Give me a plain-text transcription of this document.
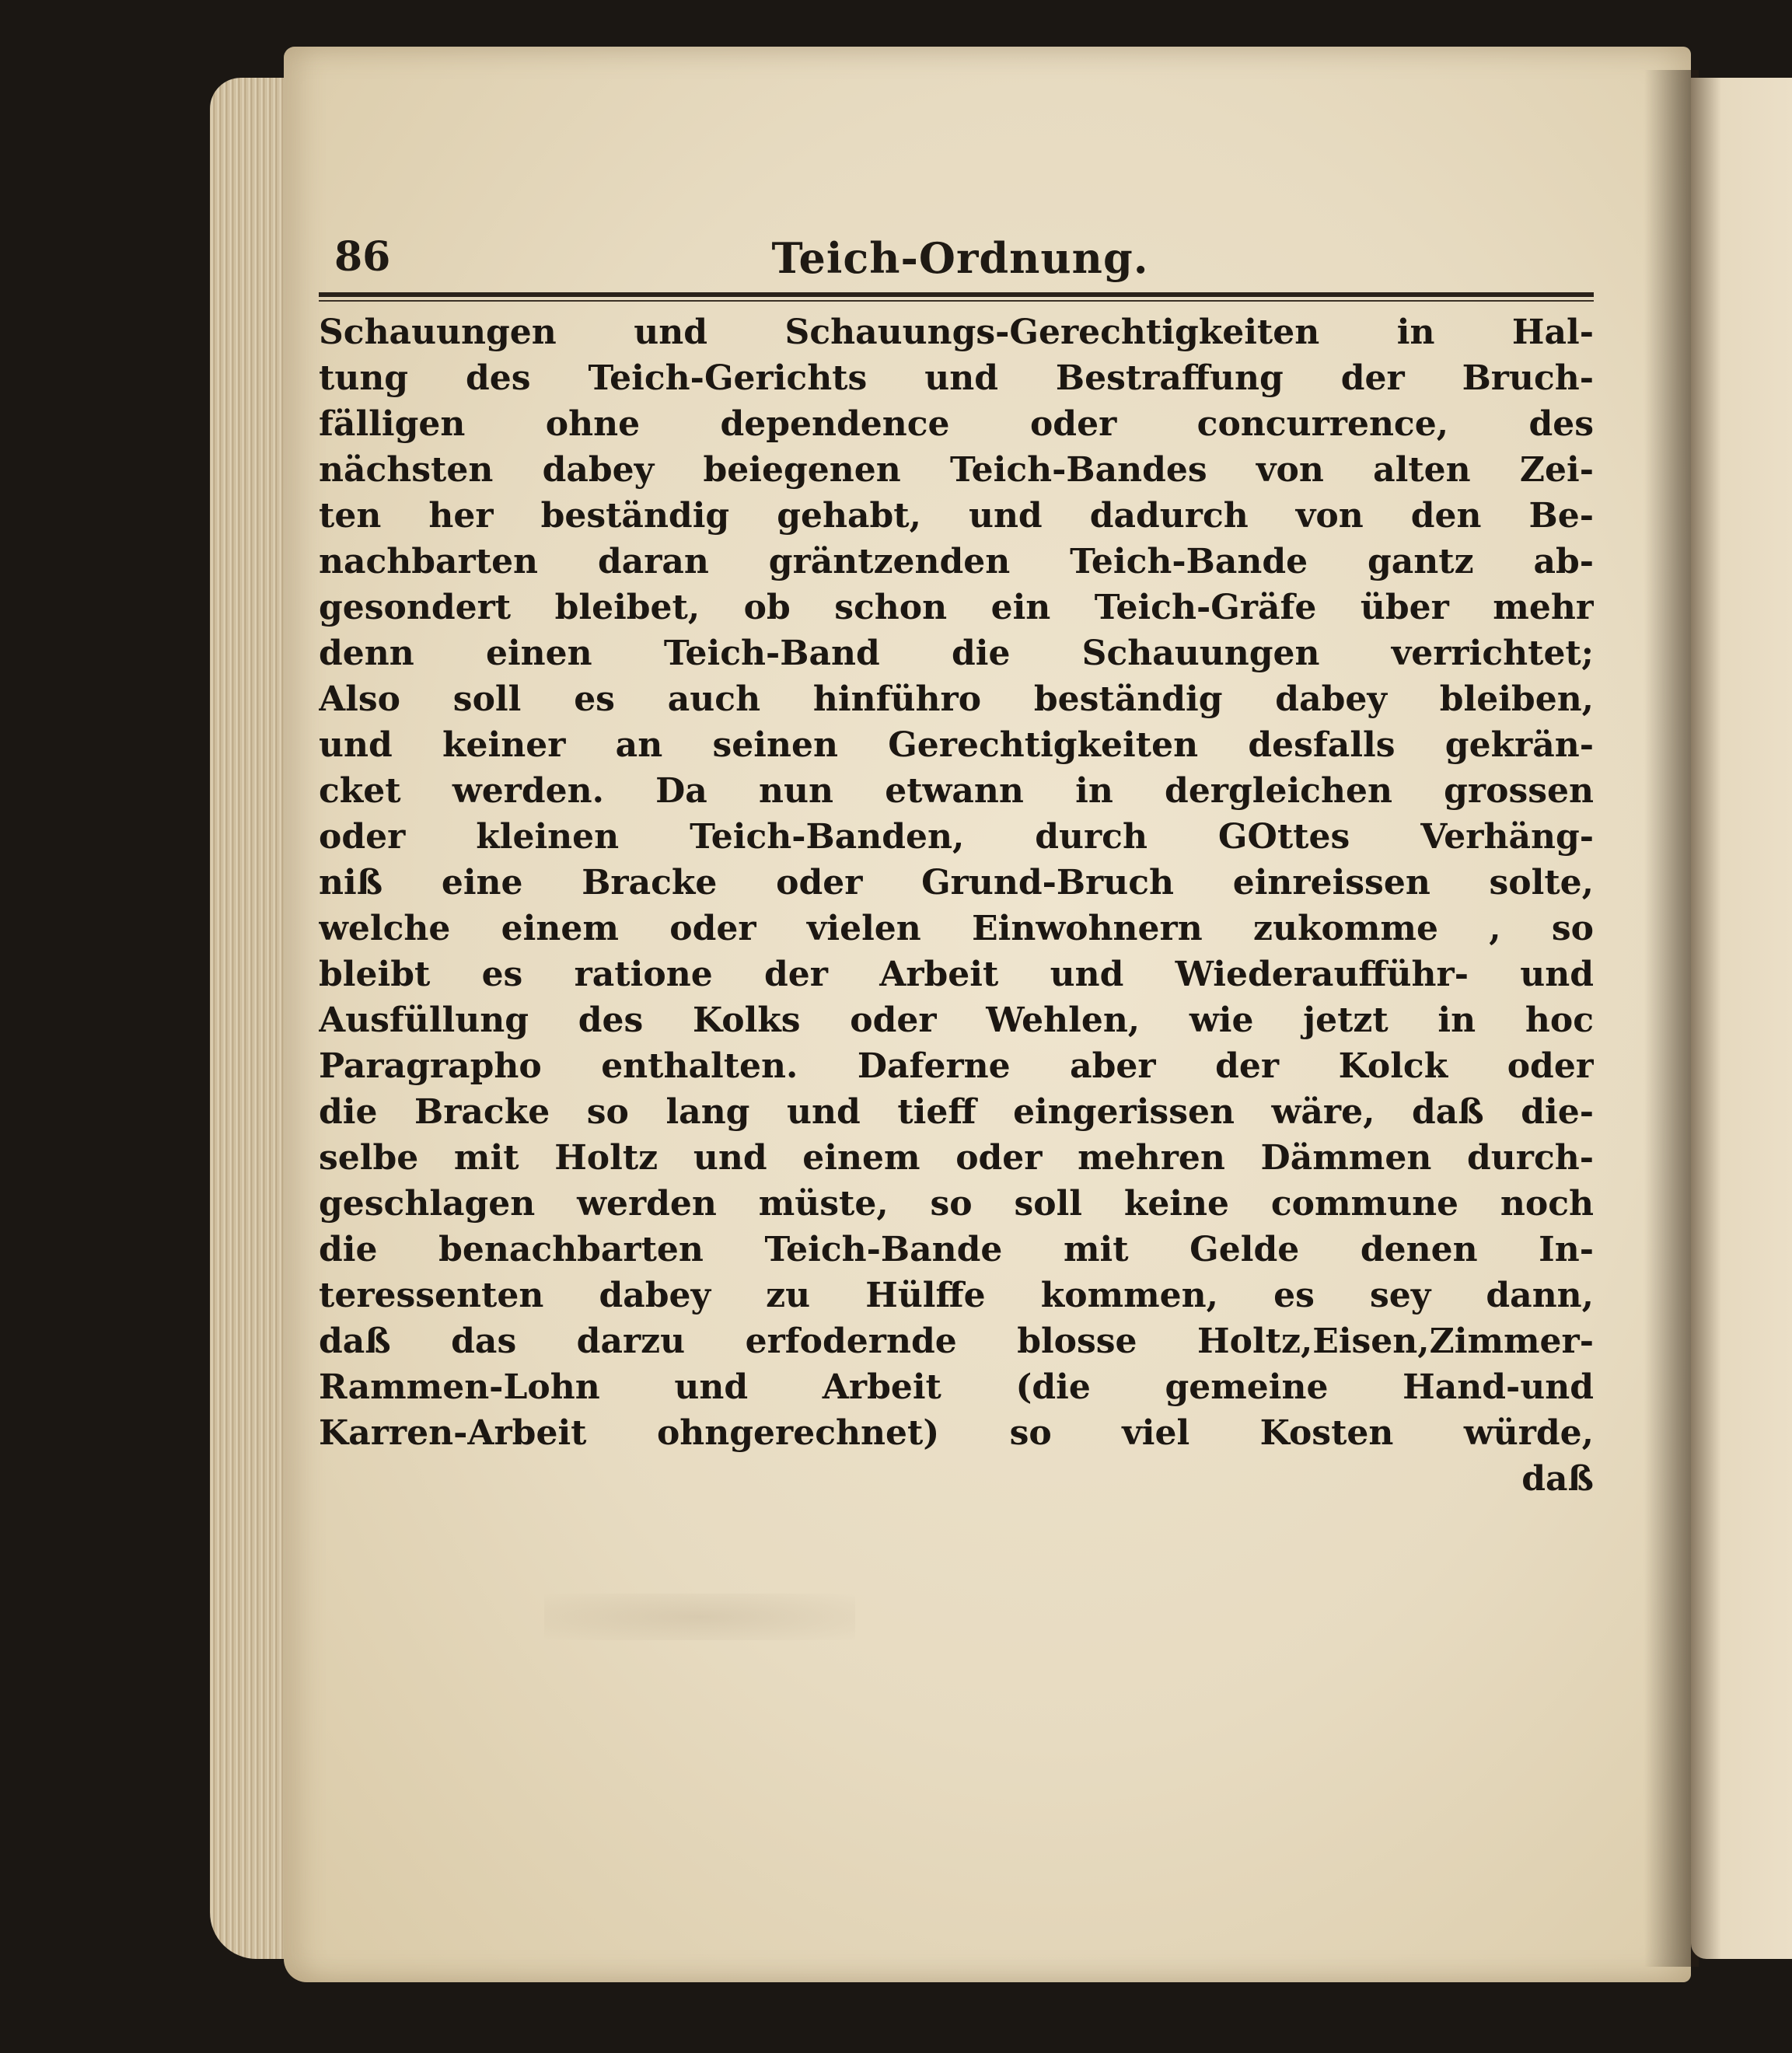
86	Teich-Ordnung.
Schauungen und Schauungs-Gerechtigkeiten in Hal-
tung des Teich-Gerichts und Bestraffung der Bruch-
fälligen ohne dependence oder concurrence, des
nächsten dabey beiegenen Teich-Bandes von alten Zei-
ten her beständig gehabt, und dadurch von den Be-
nachbarten daran gräntzenden Teich-Bande gantz ab-
gesondert bleibet, ob schon ein Teich-Gräfe über mehr
denn einen Teich-Band die Schauungen verrichtet;
Also soll es auch hinführo beständig dabey bleiben,
und keiner an seinen Gerechtigkeiten desfalls gekrän-
cket werden. Da nun etwann in dergleichen grossen
oder kleinen Teich-Banden, durch GOttes Verhäng-
niß eine Bracke oder Grund-Bruch einreissen solte,
welche einem oder vielen Einwohnern zukomme , so
bleibt es ratione der Arbeit und Wiederaufführ- und
Ausfüllung des Kolks oder Wehlen, wie jetzt in hoc
Paragrapho enthalten. Daferne aber der Kolck oder
die Bracke so lang und tieff eingerissen wäre, daß die-
selbe mit Holtz und einem oder mehren Dämmen durch-
geschlagen werden müste, so soll keine commune noch
die benachbarten Teich-Bande mit Gelde denen In-
teressenten dabey zu Hülffe kommen, es sey dann,
daß das darzu erfodernde blosse Holtz,Eisen,Zimmer-
Rammen-Lohn und Arbeit (die gemeine Hand-und
Karren-Arbeit ohngerechnet) so viel Kosten würde,
daß
